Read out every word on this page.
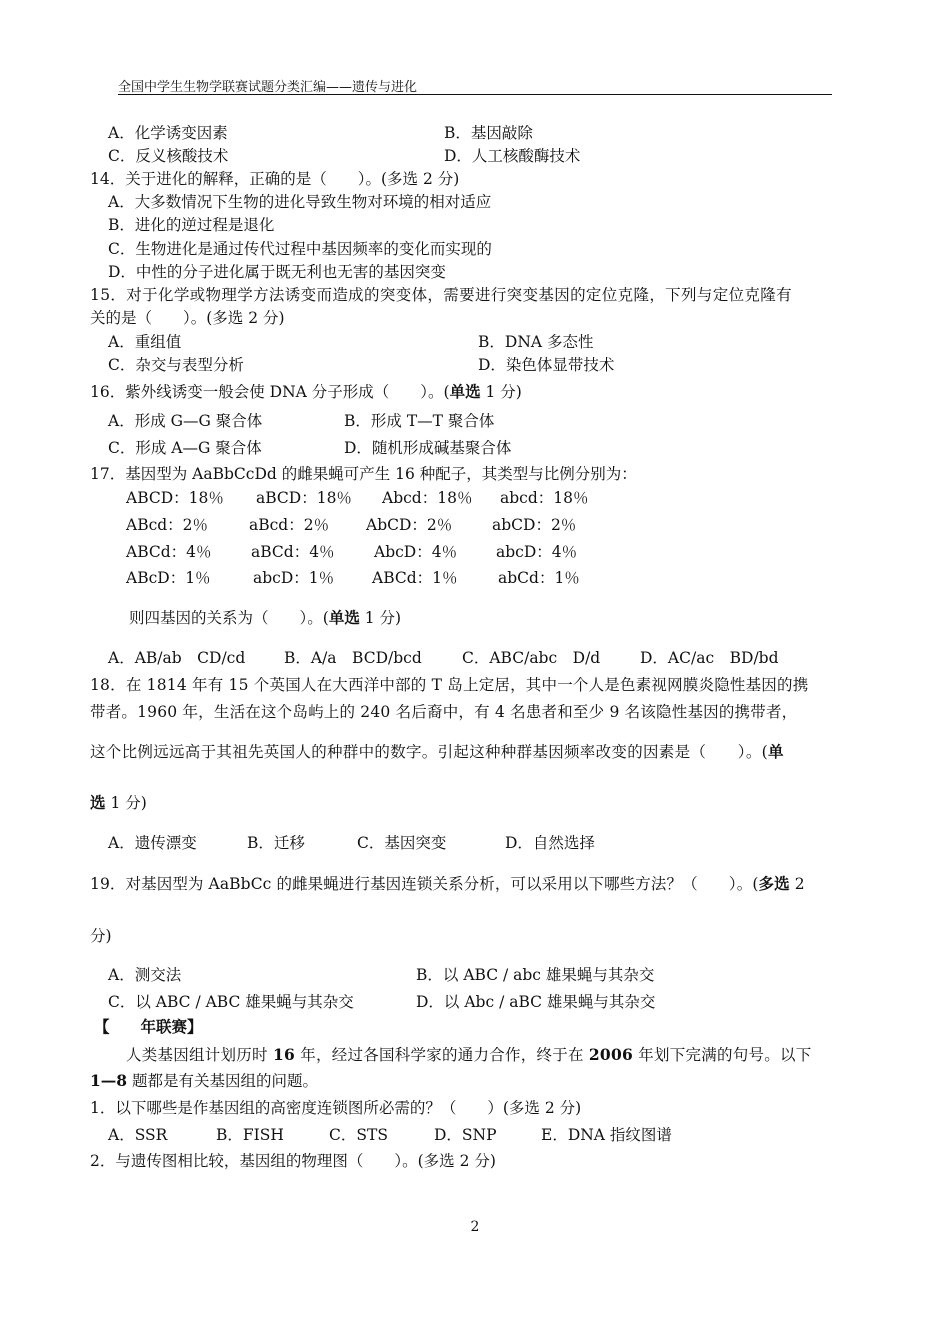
全国中学生生物学联赛试题分类汇编——遗传与进化
A．化学诱变因素	B．基因敲除
C．反义核酸技术	D．人工核酸酶技术
14．关于进化的解释，正确的是（　　）。(多选 2 分)
A．大多数情况下生物的进化导致生物对环境的相对适应
B．进化的逆过程是退化
C．生物进化是通过传代过程中基因频率的变化而实现的
D．中性的分子进化属于既无利也无害的基因突变
15．对于化学或物理学方法诱变而造成的突变体，需要进行突变基因的定位克隆，下列与定位克隆有
关的是（　　）。(多选 2 分)
A．重组值	B．DNA 多态性
C．杂交与表型分析	D．染色体显带技术
16．紫外线诱变一般会使 DNA 分子形成（　　）。(单选 1 分)
A．形成 G—G 聚合体	B．形成 T—T 聚合体
C．形成 A—G 聚合体	D．随机形成碱基聚合体
17．基因型为 AaBbCcDd 的雌果蝇可产生 16 种配子，其类型与比例分别为：
ABCD：18％ aBCD：18％ Abcd：18％ abcd：18％
ABcd：2％	aBcd：2％ AbCD：2％	abCD：2％
ABCd：4％	aBCd：4％	AbcD：4％	abcD：4％
ABcD：1％	abcD：1％ ABCd：1％	abCd：1％
则四基因的关系为（　　）。(单选 1 分)
A．AB/ab　CD/cd B．A/a　BCD/bcd	C．ABC/abc　D/d	D．AC/ac　BD/bd
18．在 1814 年有 15 个英国人在大西洋中部的 T 岛上定居，其中一个人是色素视网膜炎隐性基因的携
带者。1960 年，生活在这个岛屿上的 240 名后裔中，有 4 名患者和至少 9 名该隐性基因的携带者，
这个比例远远高于其祖先英国人的种群中的数字。引起这种种群基因频率改变的因素是（　　）。(单
选 1 分)
A．遗传漂变	B．迁移	C．基因突变	D．自然选择
19．对基因型为 AaBbCc 的雌果蝇进行基因连锁关系分析，可以采用以下哪些方法？（　　）。(多选 2
分)
A．测交法	B．以 ABC / abc 雄果蝇与其杂交
C．以 ABC / ABC 雄果蝇与其杂交	D．以 Abc / aBC 雄果蝇与其杂交
【　　年联赛】
人类基因组计划历时 16 年，经过各国科学家的通力合作，终于在 2006 年划下完满的句号。以下
1—8 题都是有关基因组的问题。
1．以下哪些是作基因组的高密度连锁图所必需的？（　　）(多选 2 分)
A．SSR	B．FISH	C．STS	D．SNP	E．DNA 指纹图谱
2．与遗传图相比较，基因组的物理图（　　）。(多选 2 分)
2
